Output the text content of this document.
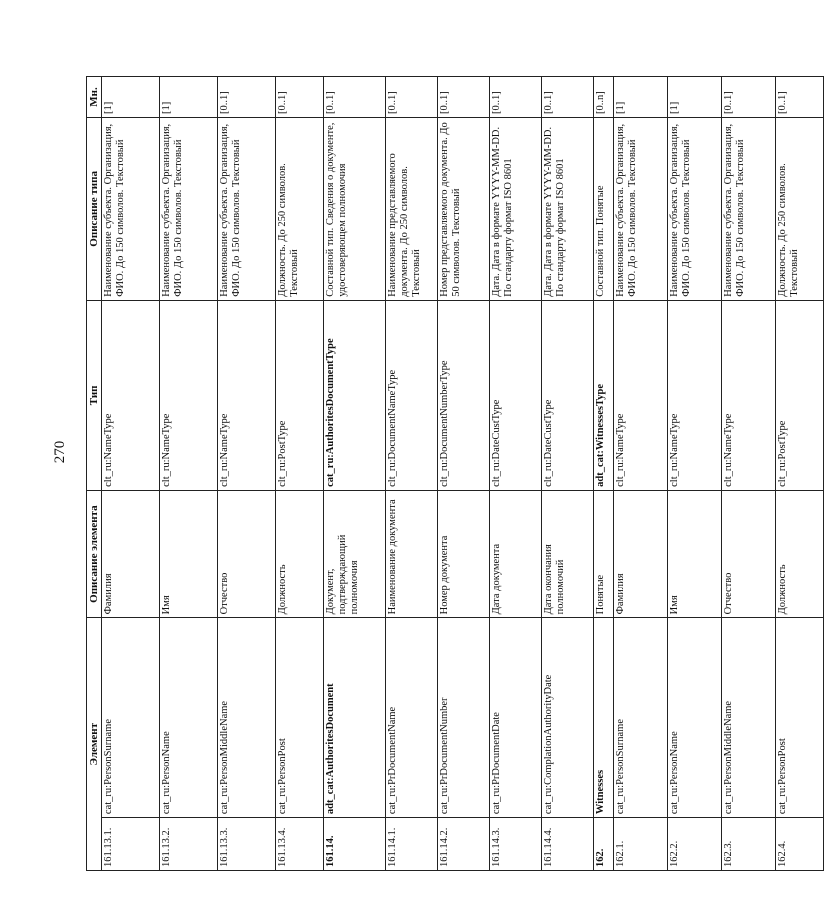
270
Элемент		Описание элемента	Тип	Описание типа	Мн.
161.13.1.	cat_ru:PersonSurname	Фамилия	clt_ru:NameType	Наименование субъекта. Организация, ФИО. До 150 символов. Текстовый	[1]
161.13.2.	cat_ru:PersonName	Имя	clt_ru:NameType	Наименование субъекта. Организация, ФИО. До 150 символов. Текстовый	[1]
161.13.3.	cat_ru:PersonMiddleName	Отчество	clt_ru:NameType	Наименование субъекта. Организация, ФИО. До 150 символов. Текстовый	[0..1]
161.13.4.	cat_ru:PersonPost	Должность	clt_ru:PostType	Должность. До 250 символов. Текстовый	[0..1]
161.14.	adt_cat:AuthoritesDocument	Документ, подтверждающий полномочия	cat_ru:AuthoritesDocumentType	Составной тип. Сведения о документе, удостоверяющем полномочия	[0..1]
161.14.1.	cat_ru:PrDocumentName	Наименование документа	clt_ru:DocumentNameType	Наименование представляемого документа. До 250 символов. Текстовый	[0..1]
161.14.2.	cat_ru:PrDocumentNumber	Номер документа	clt_ru:DocumentNumberType	Номер представляемого документа. До 50 символов. Текстовый	[0..1]
161.14.3.	cat_ru:PrDocumentDate	Дата документа	clt_ru:DateCustType	Дата. Дата в формате YYYY-MM-DD. По стандарту формат ISO 8601	[0..1]
161.14.4.	cat_ru:ComplationAuthorityDate	Дата окончания полномочий	clt_ru:DateCustType	Дата. Дата в формате YYYY-MM-DD. По стандарту формат ISO 8601	[0..1]
162.	Witnesses	Понятые	adt_cat:WitnessesType	Составной тип. Понятые	[0..n]
162.1.	cat_ru:PersonSurname	Фамилия	clt_ru:NameType	Наименование субъекта. Организация, ФИО. До 150 символов. Текстовый	[1]
162.2.	cat_ru:PersonName	Имя	clt_ru:NameType	Наименование субъекта. Организация, ФИО. До 150 символов. Текстовый	[1]
162.3.	cat_ru:PersonMiddleName	Отчество	clt_ru:NameType	Наименование субъекта. Организация, ФИО. До 150 символов. Текстовый	[0..1]
162.4.	cat_ru:PersonPost	Должность	clt_ru:PostType	Должность. До 250 символов. Текстовый	[0..1]
